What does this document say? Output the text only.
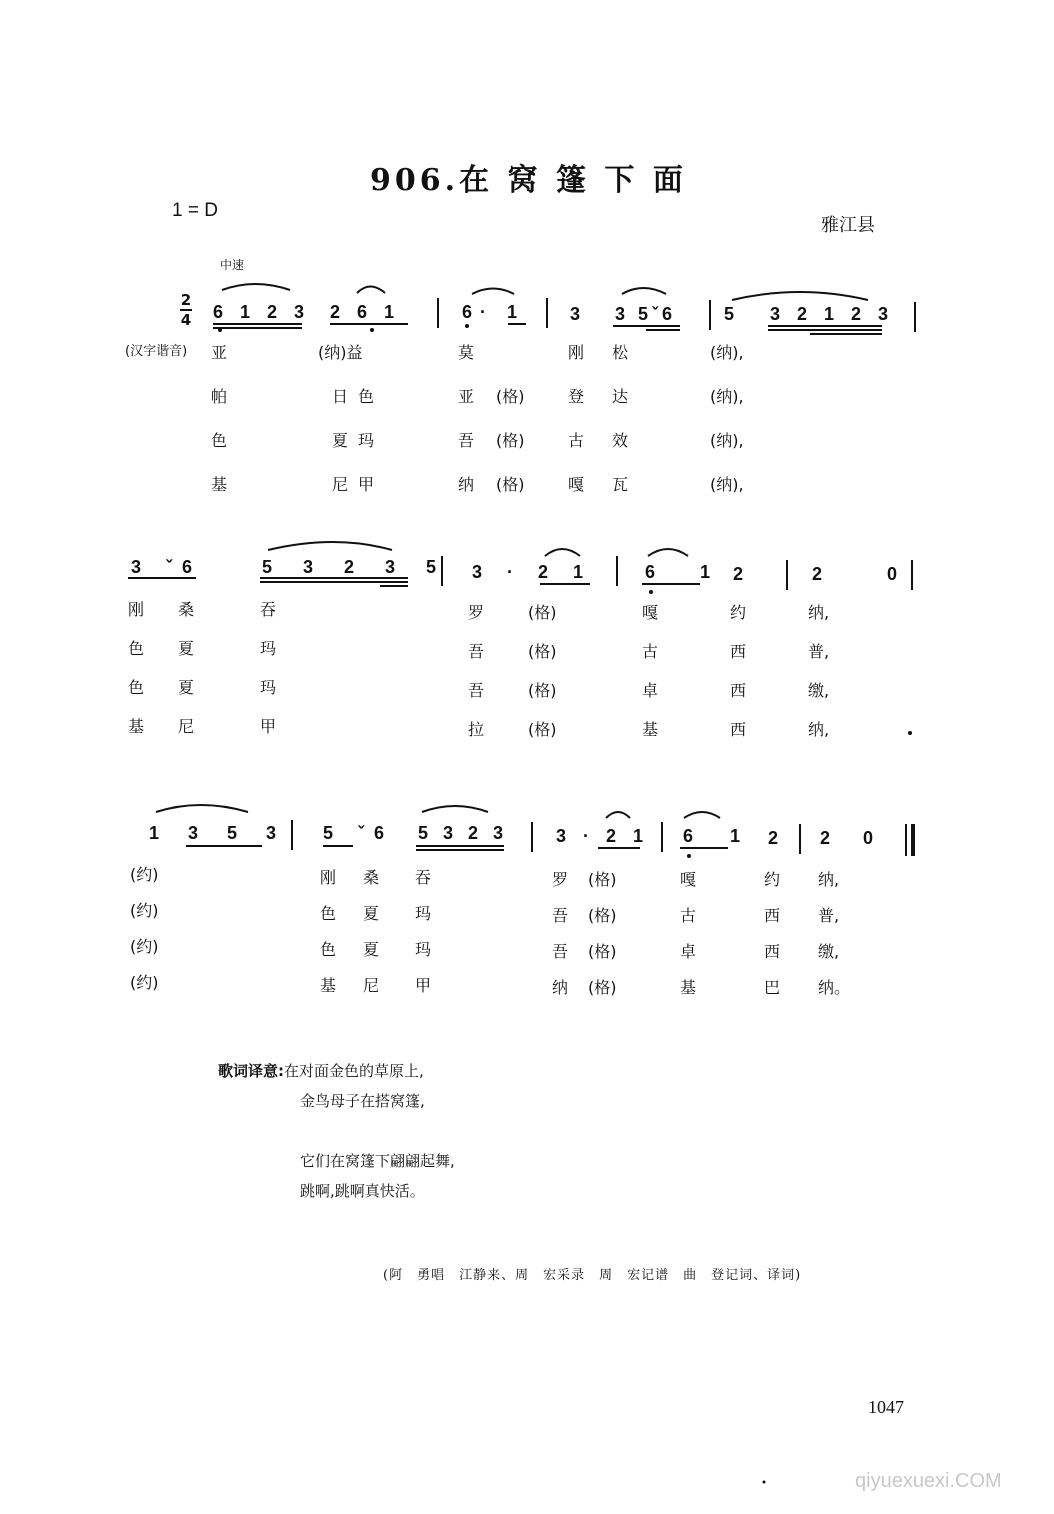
906.在 窝 篷 下 面
1 = D
雅江县
中速
2
4
(汉字谐音)
6 1 2 3 2 6 1	6· 1 3 3 5ˇ6	5 3 2 1 2 3
亚	(纳)益	莫	刚 松	(纳),
帕	日色	亚 (格)	登 达	(纳),
色	夏玛	吾 (格)	古 效	(纳),
基	尼甲	纳 (格)	嘎 瓦	(纳),
3 ˇ6	5 3 2 3 5 3 · 2 1	6 1 2	2 0
刚 桑	吞	罗	(格)	嘎	约	纳,
色 夏	玛	吾	(格)	古	西	普,
色 夏	玛	吾	(格)	卓	西	缴,
基 尼	甲	拉	(格)	基	西	纳,
1 3 5 3 5 ˇ6 5 3 2 3	3 · 2 1 6 1 2 2 0
(约)	刚 桑 吞	罗 (格)	嘎	约 纳,
(约)	色 夏 玛	吾 (格)	古	西 普,
(约)	色 夏 玛	吾 (格)	卓	西 缴,
(约)	基 尼 甲	纳 (格)	基	巴 纳。
歌词译意:在对面金色的草原上,
金鸟母子在搭窝篷,
它们在窝篷下翩翩起舞,
跳啊,跳啊真快活。
(阿　勇唱　江静来、周　宏采录　周　宏记谱　曲　登记词、译词)
1047
qiyuexuexi.COM
